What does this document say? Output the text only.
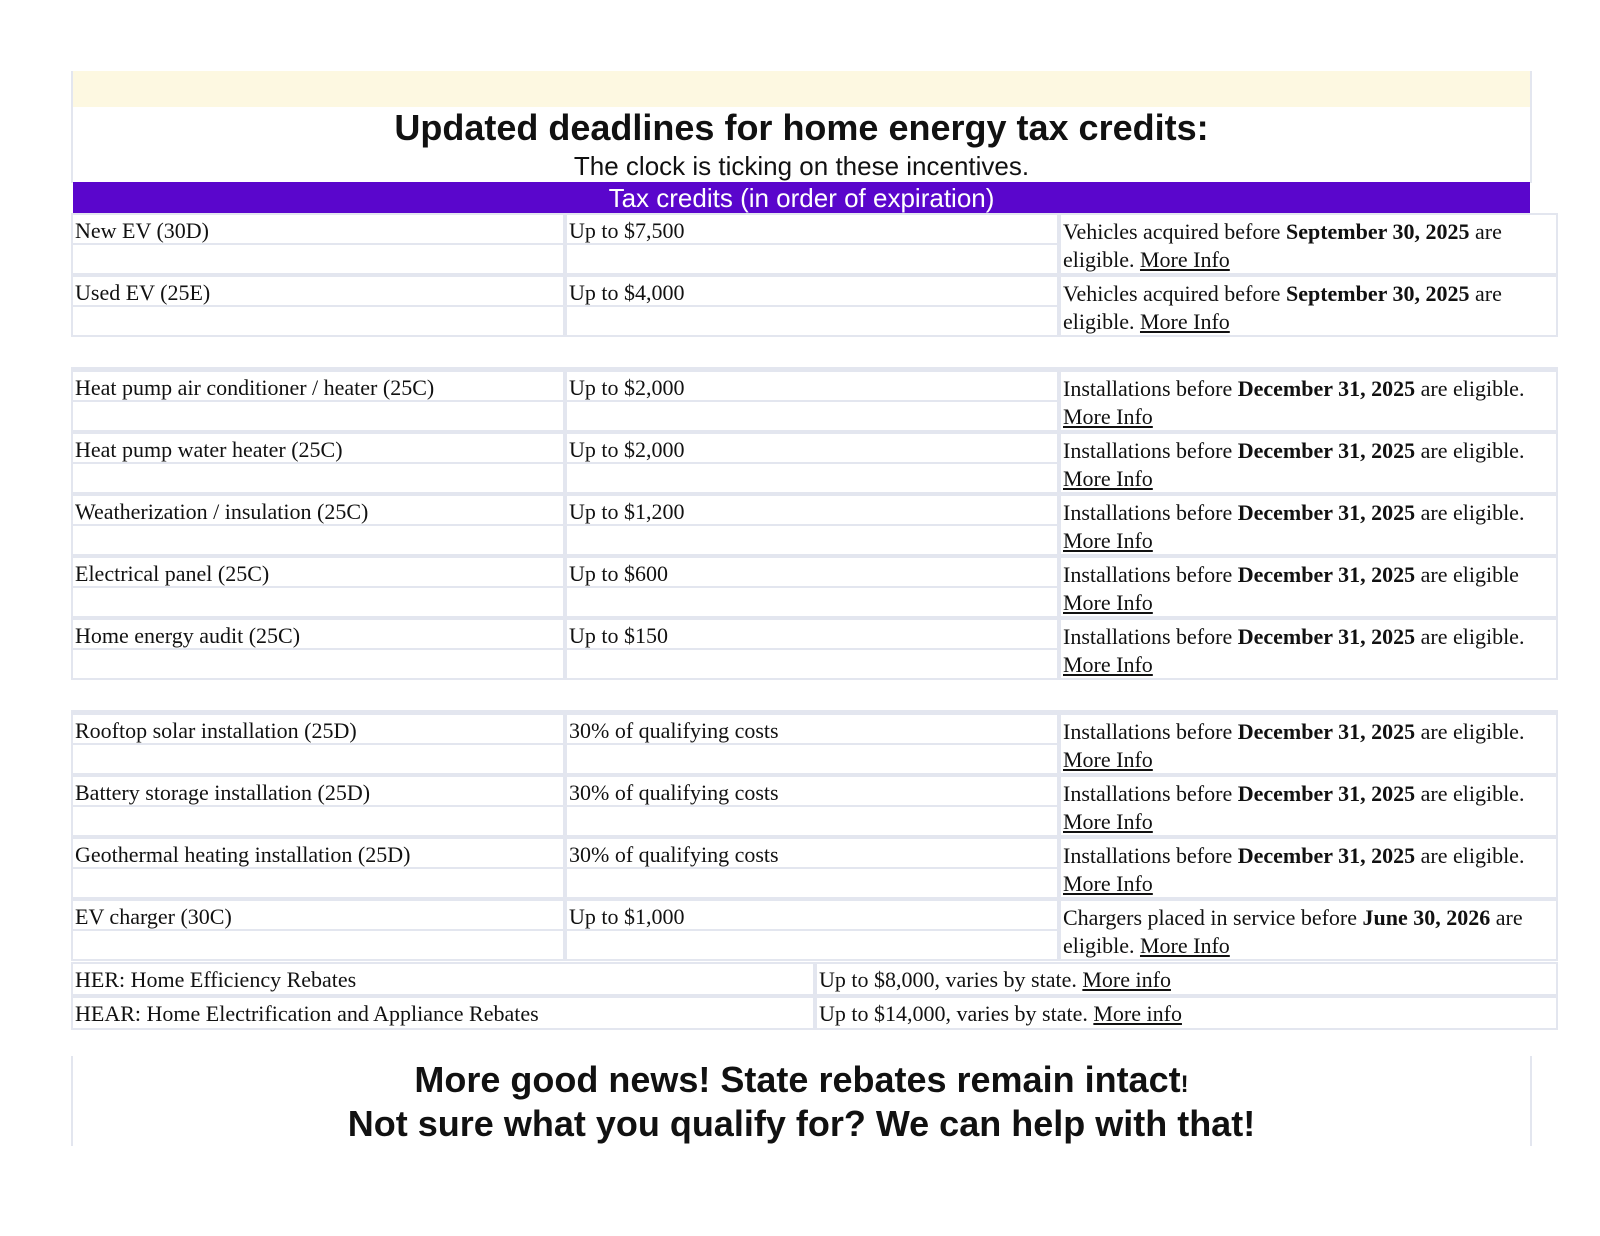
Updated deadlines for home energy tax credits:
The clock is ticking on these incentives.
Tax credits (in order of expiration)
HER: Home Efficiency Rebates	Up to $8,000, varies by state. More info
HEAR: Home Electrification and Appliance Rebates	Up to $14,000, varies by state. More info
More good news! State rebates remain intact!
Not sure what you qualify for? We can help with that!
New EV (30D)	Up to $7,500	Vehicles acquired before September 30, 2025 are eligible. More Info
Used EV (25E)	Up to $4,000	Vehicles acquired before September 30, 2025 are eligible. More Info
Heat pump air conditioner / heater (25C)	Up to $2,000	Installations before December 31, 2025 are eligible. More Info
Heat pump water heater (25C)	Up to $2,000	Installations before December 31, 2025 are eligible. More Info
Weatherization / insulation (25C)	Up to $1,200	Installations before December 31, 2025 are eligible. More Info
Electrical panel (25C)	Up to $600	Installations before December 31, 2025 are eligible More Info
Home energy audit (25C)	Up to $150	Installations before December 31, 2025 are eligible. More Info
Rooftop solar installation (25D)	30% of qualifying costs	Installations before December 31, 2025 are eligible. More Info
Battery storage installation (25D)	30% of qualifying costs	Installations before December 31, 2025 are eligible. More Info
Geothermal heating installation (25D)	30% of qualifying costs	Installations before December 31, 2025 are eligible. More Info
EV charger (30C)	Up to $1,000	Chargers placed in service before June 30, 2026 are eligible. More Info
